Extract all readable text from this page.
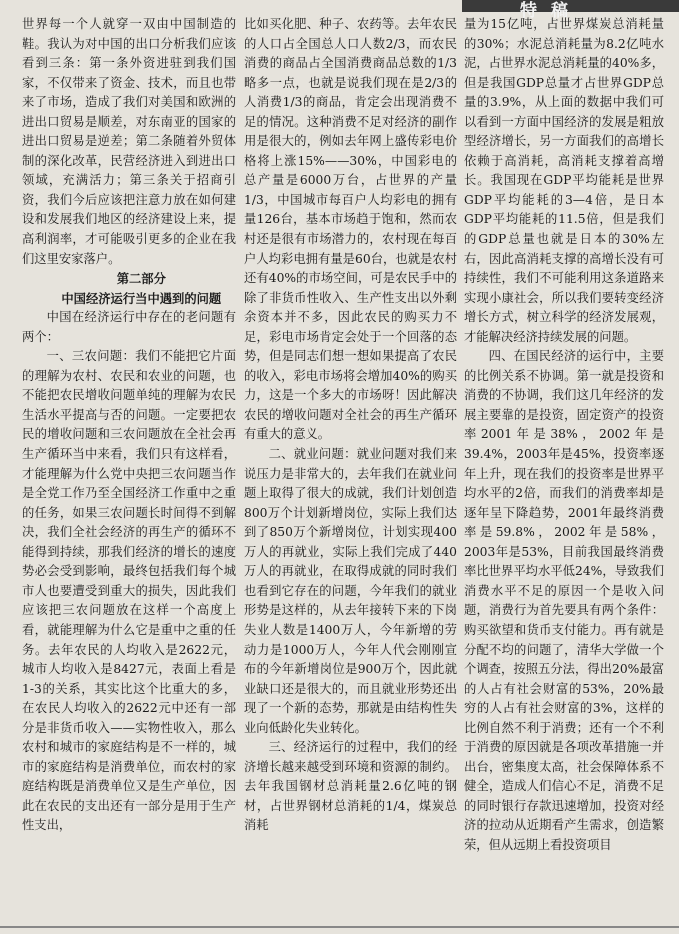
特稿

世界每一个人就穿一双由中国制造的鞋。我认为对中国的出口分析我们应该看到三条：第一条外资进驻到我们国家，不仅带来了资金、技术，而且也带来了市场，造成了我们对美国和欧洲的进出口贸易是顺差，对东南亚的国家的进出口贸易是逆差；第二条随着外贸体制的深化改革，民营经济进入到进出口领域，充满活力；第三条关于招商引资，我们今后应该把注意力放在如何建设和发展我们地区的经济建设上来，提高利润率，才可能吸引更多的企业在我们这里安家落户。

第二部分

中国经济运行当中遇到的问题

中国在经济运行中存在的老问题有两个：

一、三农问题：我们不能把它片面的理解为农村、农民和农业的问题，也不能把农民增收问题单纯的理解为农民生活水平提高与否的问题。一定要把农民的增收问题和三农问题放在全社会再生产循环当中来看，我们只有这样看，才能理解为什么党中央把三农问题当作是全党工作乃至全国经济工作重中之重的任务，如果三农问题长时间得不到解决，我们全社会经济的再生产的循环不能得到持续，那我们经济的增长的速度势必会受到影响，最终包括我们每个城市人也要遭受到重大的损失，因此我们应该把三农问题放在这样一个高度上看，就能理解为什么它是重中之重的任务。去年农民的人均收入是2622元，城市人均收入是8427元，表面上看是1-3的关系，其实比这个比重大的多，在农民人均收入的2622元中还有一部分是非货币收入——实物性收入，那么农村和城市的家庭结构是不一样的，城市的家庭结构是消费单位，而农村的家庭结构既是消费单位又是生产单位，因此在农民的支出还有一部分是用于生产性支出，

比如买化肥、种子、农药等。去年农民的人口占全国总人口人数2/3，而农民消费的商品占全国消费商品总数的1/3略多一点，也就是说我们现在是2/3的人消费1/3的商品，肯定会出现消费不足的情况。这种消费不足对经济的副作用是很大的，例如去年网上盛传彩电价格将上涨15%——30%，中国彩电的总产量是6000万台，占世界的产量1/3，中国城市每百户人均彩电的拥有量126台，基本市场趋于饱和，然而农村还是很有市场潜力的，农村现在每百户人均彩电拥有量是60台，也就是农村还有40%的市场空间，可是农民手中的除了非货币性收入、生产性支出以外剩余资本并不多，因此农民的购买力不足，彩电市场肯定会处于一个回落的态势，但是同志们想一想如果提高了农民的收入，彩电市场将会增加40%的购买力，这是一个多大的市场呀！因此解决农民的增收问题对全社会的再生产循环有重大的意义。

二、就业问题：就业问题对我们来说压力是非常大的，去年我们在就业问题上取得了很大的成就，我们计划创造800万个计划新增岗位，实际上我们达到了850万个新增岗位，计划实现400万人的再就业，实际上我们完成了440万人的再就业，在取得成就的同时我们也看到它存在的问题，今年我们的就业形势是这样的，从去年接转下来的下岗失业人数是1400万人，今年新增的劳动力是1000万人，今年人代会刚刚宣布的今年新增岗位是900万个，因此就业缺口还是很大的，而且就业形势还出现了一个新的态势，那就是由结构性失业向低龄化失业转化。

三、经济运行的过程中，我们的经济增长越来越受到环境和资源的制约。去年我国钢材总消耗量2.6亿吨的钢材，占世界钢材总消耗的1/4，煤炭总消耗

量为15亿吨，占世界煤炭总消耗量的30%；水泥总消耗量为8.2亿吨水泥，占世界水泥总消耗量的40%多，但是我国GDP总量才占世界GDP总量的3.9%，从上面的数据中我们可以看到一方面中国经济的发展是粗放型经济增长，另一方面我们的高增长依赖于高消耗，高消耗支撑着高增长。我国现在GDP平均能耗是世界GDP平均能耗的3—4倍，是日本GDP平均能耗的11.5倍，但是我们的GDP总量也就是日本的30%左右，因此高消耗支撑的高增长没有可持续性，我们不可能利用这条道路来实现小康社会，所以我们要转变经济增长方式，树立科学的经济发展观，才能解决经济持续发展的问题。

四、在国民经济的运行中，主要的比例关系不协调。第一就是投资和消费的不协调，我们这几年经济的发展主要靠的是投资，固定资产的投资率2001年是38%，2002年是39.4%，2003年是45%，投资率逐年上升，现在我们的投资率是世界平均水平的2倍，而我们的消费率却是逐年呈下降趋势，2001年最终消费率是59.8%，2002年是58%，2003年是53%，目前我国最终消费率比世界平均水平低24%，导致我们消费水平不足的原因一个是收入问题，消费行为首先要具有两个条件：购买欲望和货币支付能力。再有就是分配不均的问题了，清华大学做一个个调查，按照五分法，得出20%最富的人占有社会财富的53%，20%最穷的人占有社会财富的3%，这样的比例自然不利于消费；还有一个不利于消费的原因就是各项改革措施一并出台，密集度太高，社会保障体系不健全，造成人们信心不足，消费不足的同时银行存款迅速增加，投资对经济的拉动从近期看产生需求，创造繁荣，但从远期上看投资项目
